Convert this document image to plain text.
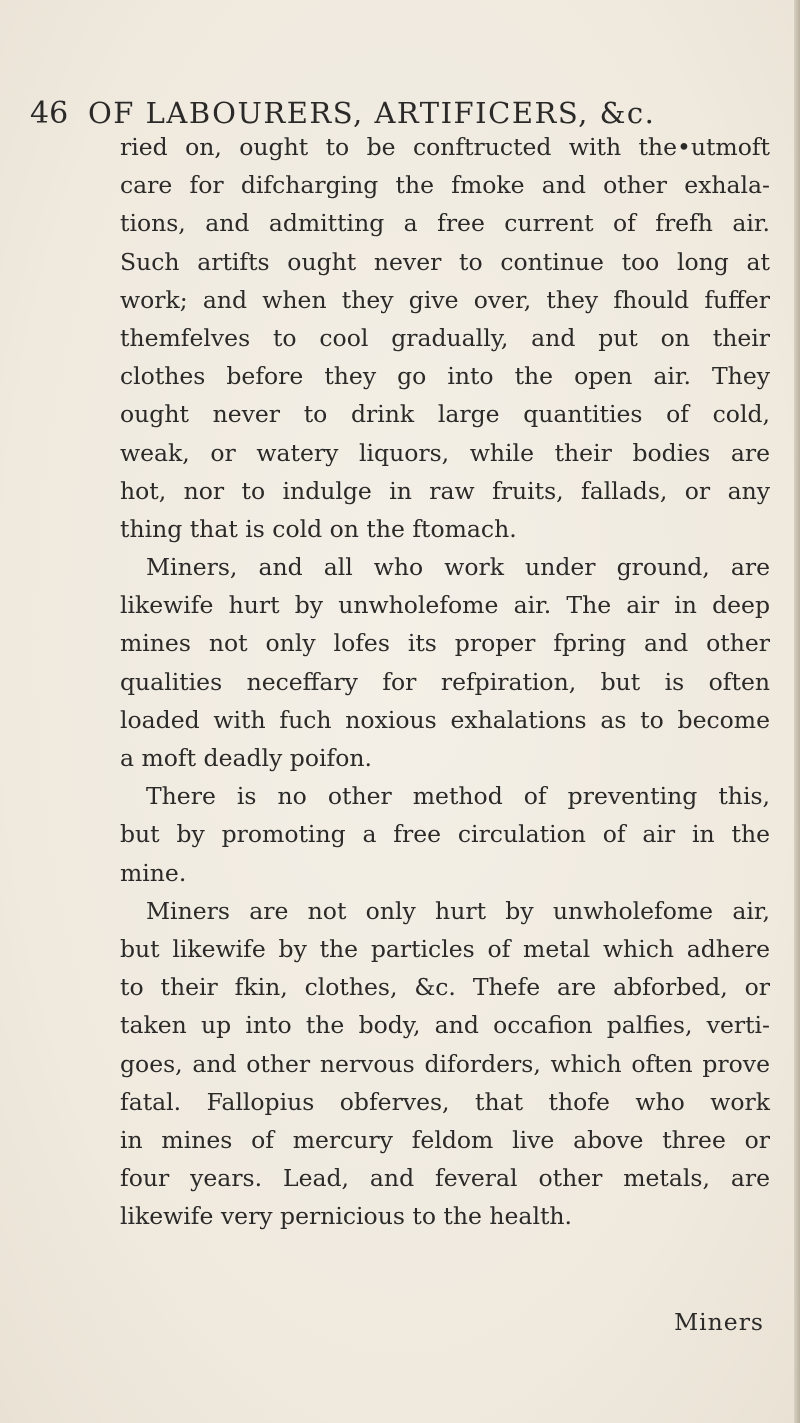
46 OF LABOURERS, ARTIFICERS, &c.
ried on, ought to be conftructed with the•utmoft
care for difcharging the fmoke and other exhala-
tions, and admitting a free current of frefh air.
Such artifts ought never to continue too long at
work; and when they give over, they fhould fuffer
themfelves to cool gradually, and put on their
clothes before they go into the open air. They
ought never to drink large quantities of cold,
weak, or watery liquors, while their bodies are
hot, nor to indulge in raw fruits, fallads, or any
thing that is cold on the ftomach.
Miners, and all who work under ground, are
likewife hurt by unwholefome air. The air in deep
mines not only lofes its proper fpring and other
qualities neceffary for refpiration, but is often
loaded with fuch noxious exhalations as to become
a moft deadly poifon.
There is no other method of preventing this,
but by promoting a free circulation of air in the
mine.
Miners are not only hurt by unwholefome air,
but likewife by the particles of metal which adhere
to their fkin, clothes, &c. Thefe are abforbed, or
taken up into the body, and occafion palfies, verti-
goes, and other nervous diforders, which often prove
fatal. Fallopius obferves, that thofe who work
in mines of mercury feldom live above three or
four years. Lead, and feveral other metals, are
likewife very pernicious to the health.
Miners
